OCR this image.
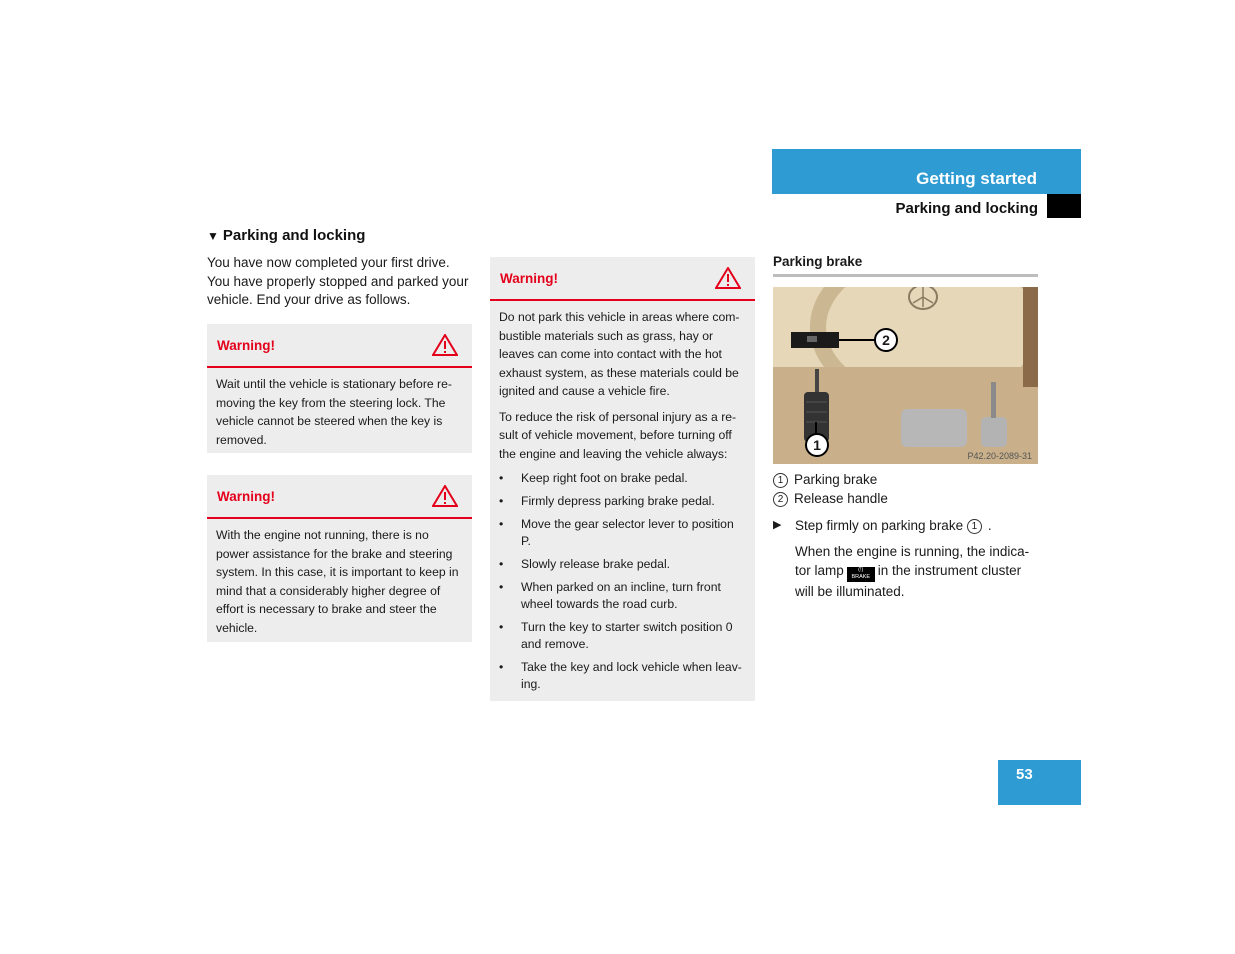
Getting started
Parking and locking
▼ Parking and locking
You have now completed your first drive. You have properly stopped and parked your vehicle. End your drive as follows.
Warning!

Wait until the vehicle is stationary before re-moving the key from the steering lock. The vehicle cannot be steered when the key is removed.

Warning!

With the engine not running, there is no power assistance for the brake and steering system. In this case, it is important to keep in mind that a considerably higher degree of effort is necessary to brake and steer the vehicle.

Warning!

Do not park this vehicle in areas where com-bustible materials such as grass, hay or leaves can come into contact with the hot exhaust system, as these materials could be ignited and cause a vehicle fire.

To reduce the risk of personal injury as a re-sult of vehicle movement, before turning off the engine and leaving the vehicle always:

• Keep right foot on brake pedal.
• Firmly depress parking brake pedal.
• Move the gear selector lever to position P.
• Slowly release brake pedal.
• When parked on an incline, turn front wheel towards the road curb.
• Turn the key to starter switch position 0 and remove.
• Take the key and lock vehicle when leav-ing.
Parking brake
2
1
P42.20-2089-31
1 Parking brake
2 Release handle
▶ Step firmly on parking brake 1 .
When the engine is running, the indica-tor lamp	(!)
BRAKE in the instrument cluster will be illuminated.
53
